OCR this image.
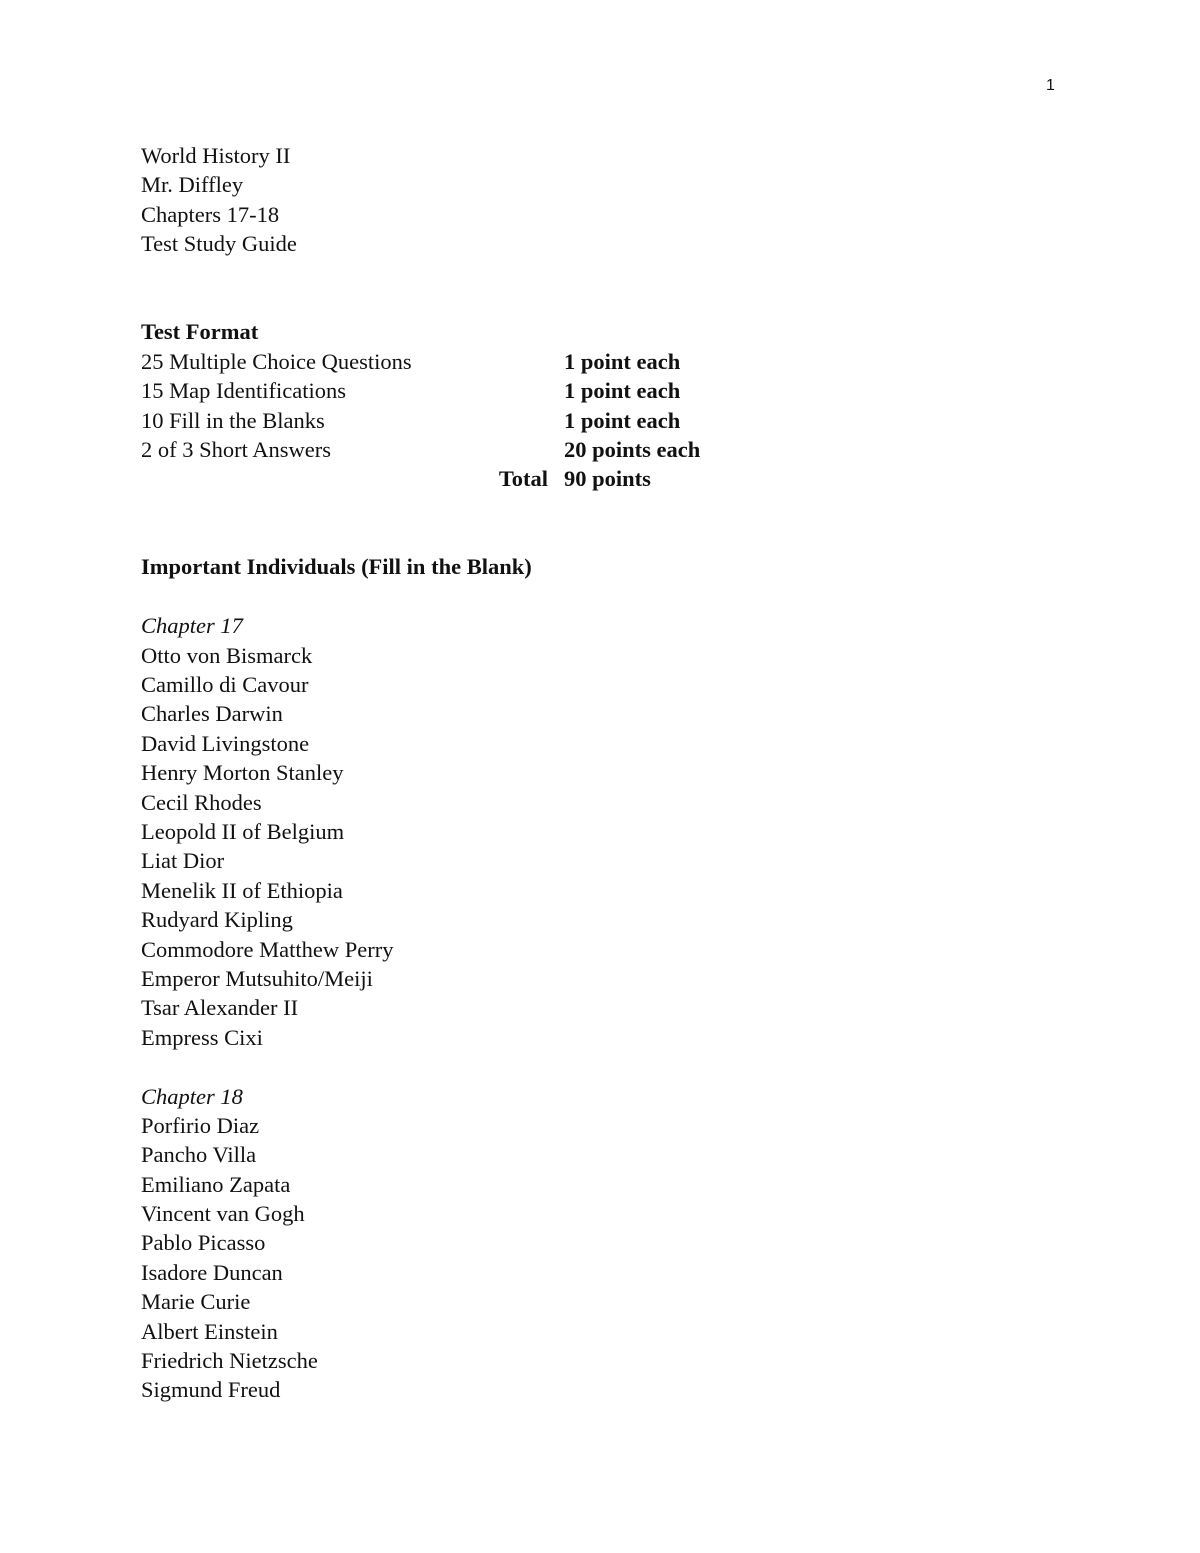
1
World History II
Mr. Diffley
Chapters 17-18
Test Study Guide
Test Format
25 Multiple Choice Questions	1 point each
15 Map Identifications	1 point each
10 Fill in the Blanks	1 point each
2 of 3 Short Answers	20 points each
Total 90 points
Important Individuals (Fill in the Blank)
Chapter 17
Otto von Bismarck
Camillo di Cavour
Charles Darwin
David Livingstone
Henry Morton Stanley
Cecil Rhodes
Leopold II of Belgium
Liat Dior
Menelik II of Ethiopia
Rudyard Kipling
Commodore Matthew Perry
Emperor Mutsuhito/Meiji
Tsar Alexander II
Empress Cixi
Chapter 18
Porfirio Diaz
Pancho Villa
Emiliano Zapata
Vincent van Gogh
Pablo Picasso
Isadore Duncan
Marie Curie
Albert Einstein
Friedrich Nietzsche
Sigmund Freud
